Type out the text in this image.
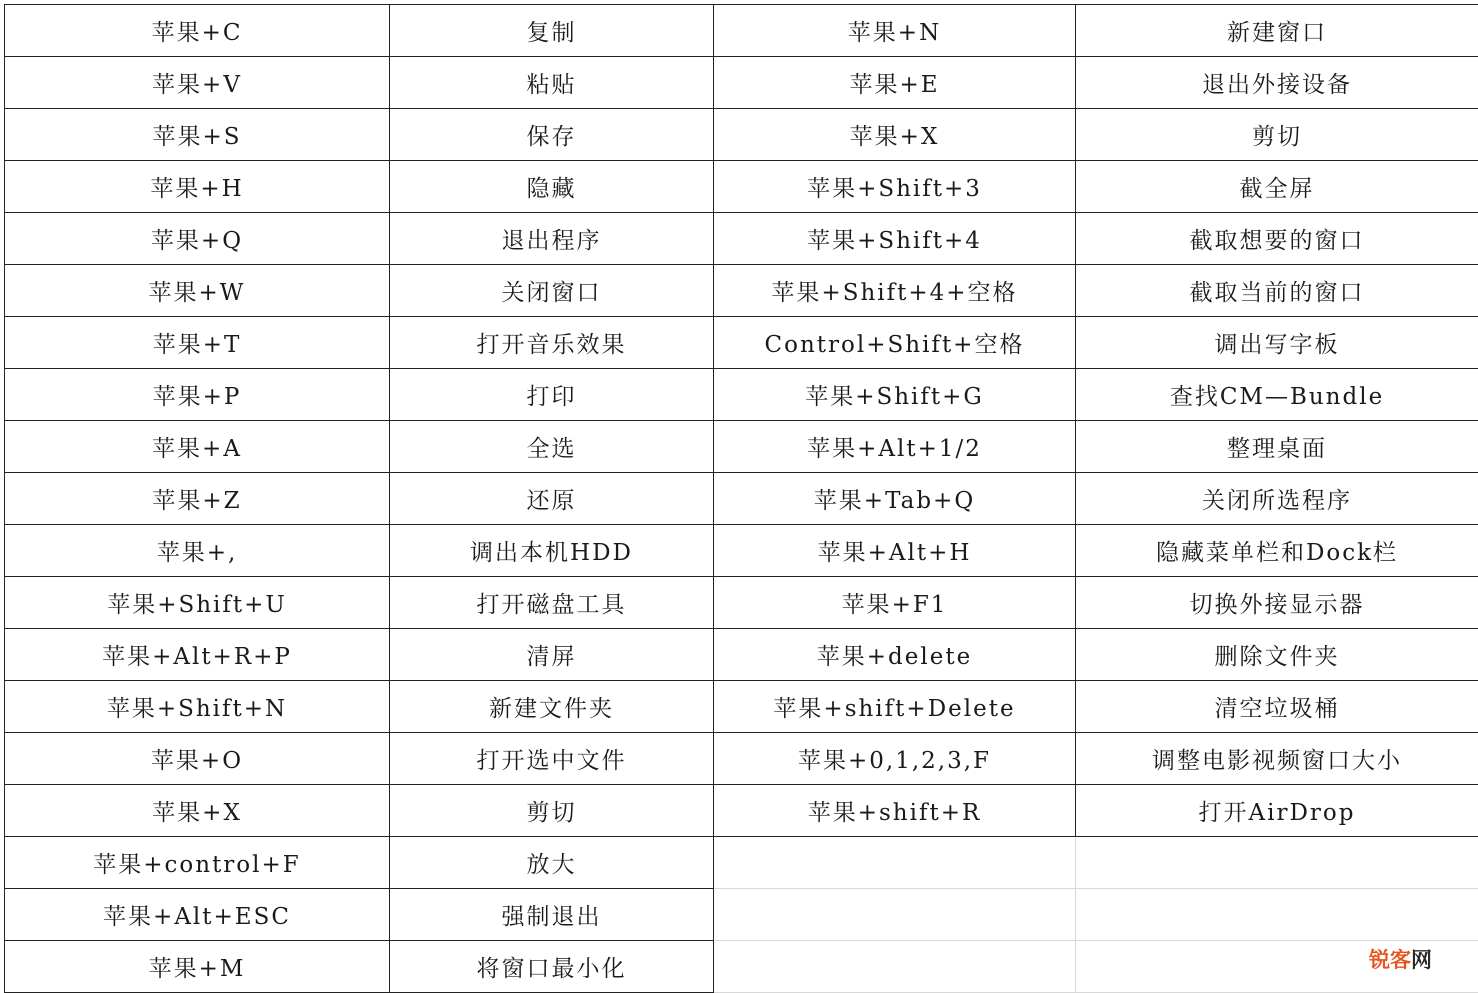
苹果+C	复制	苹果+N	新建窗口
苹果+V	粘贴	苹果+E	退出外接设备
苹果+S	保存	苹果+X	剪切
苹果+H	隐藏	苹果+Shift+3	截全屏
苹果+Q	退出程序	苹果+Shift+4	截取想要的窗口
苹果+W	关闭窗口	苹果+Shift+4+空格	截取当前的窗口
苹果+T	打开音乐效果	Control+Shift+空格	调出写字板
苹果+P	打印	苹果+Shift+G	查找CM—Bundle
苹果+A	全选	苹果+Alt+1/2	整理桌面
苹果+Z	还原	苹果+Tab+Q	关闭所选程序
苹果+,	调出本机HDD	苹果+Alt+H	隐藏菜单栏和Dock栏
苹果+Shift+U	打开磁盘工具	苹果+F1	切换外接显示器
苹果+Alt+R+P	清屏	苹果+delete	删除文件夹
苹果+Shift+N	新建文件夹	苹果+shift+Delete	清空垃圾桶
苹果+O	打开选中文件	苹果+0,1,2,3,F	调整电影视频窗口大小
苹果+X	剪切	苹果+shift+R	打开AirDrop
苹果+control+F	放大		
苹果+Alt+ESC	强制退出		
苹果+M	将窗口最小化			锐客网
